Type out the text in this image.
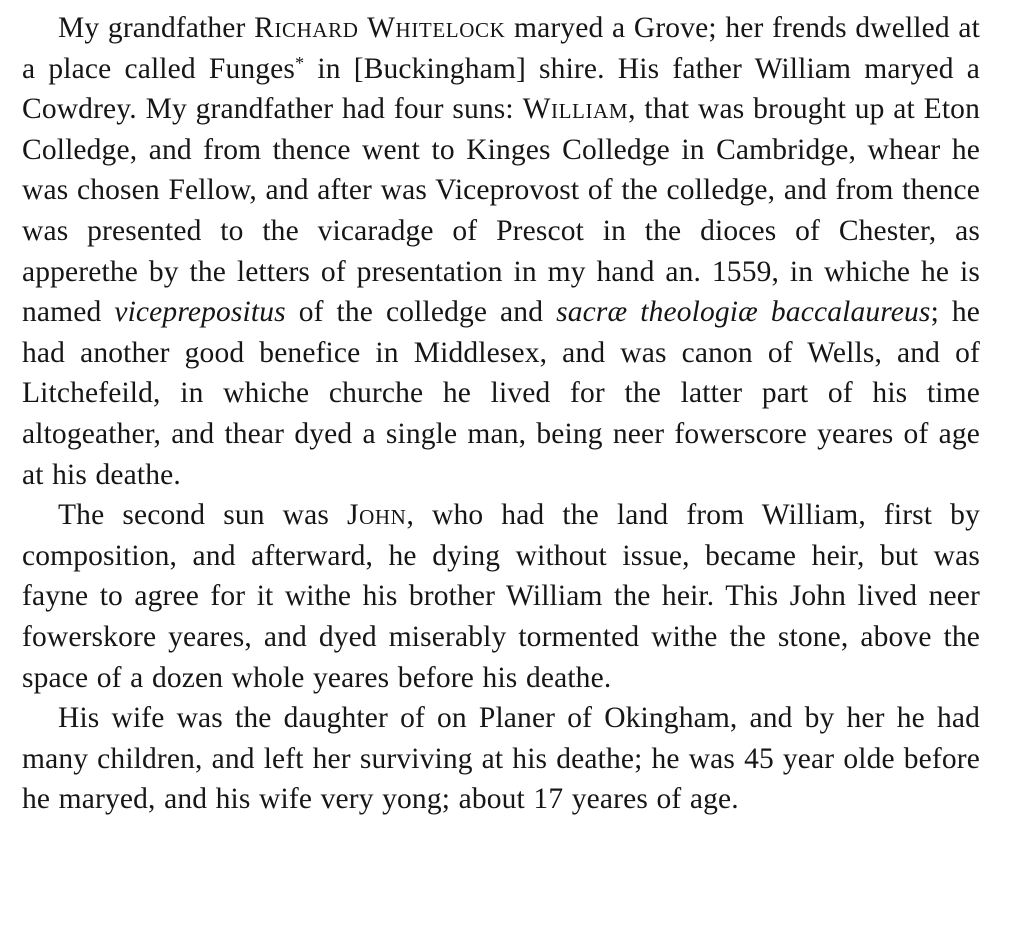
My grandfather Richard Whitelock maryed a Grove; her frends dwelled at a place called Funges* in [Buckingham] shire. His father William maryed a Cowdrey. My grandfather had four suns: William, that was brought up at Eton Colledge, and from thence went to Kinges Colledge in Cambridge, whear he was chosen Fellow, and after was Viceprovost of the colledge, and from thence was presented to the vicaradge of Prescot in the dioces of Chester, as apperethe by the letters of presentation in my hand an. 1559, in whiche he is named viceprepositus of the colledge and sacræ theologiæ baccalaureus; he had another good benefice in Middlesex, and was canon of Wells, and of Litchefeild, in whiche churche he lived for the latter part of his time altogeather, and thear dyed a single man, being neer fowerscore yeares of age at his deathe.

The second sun was John, who had the land from William, first by composition, and afterward, he dying without issue, became heir, but was fayne to agree for it withe his brother William the heir. This John lived neer fowerskore yeares, and dyed miserably tormented withe the stone, above the space of a dozen whole yeares before his deathe.

His wife was the daughter of on Planer of Okingham, and by her he had many children, and left her surviving at his deathe; he was 45 year olde before he maryed, and his wife very yong; about 17 yeares of age.
